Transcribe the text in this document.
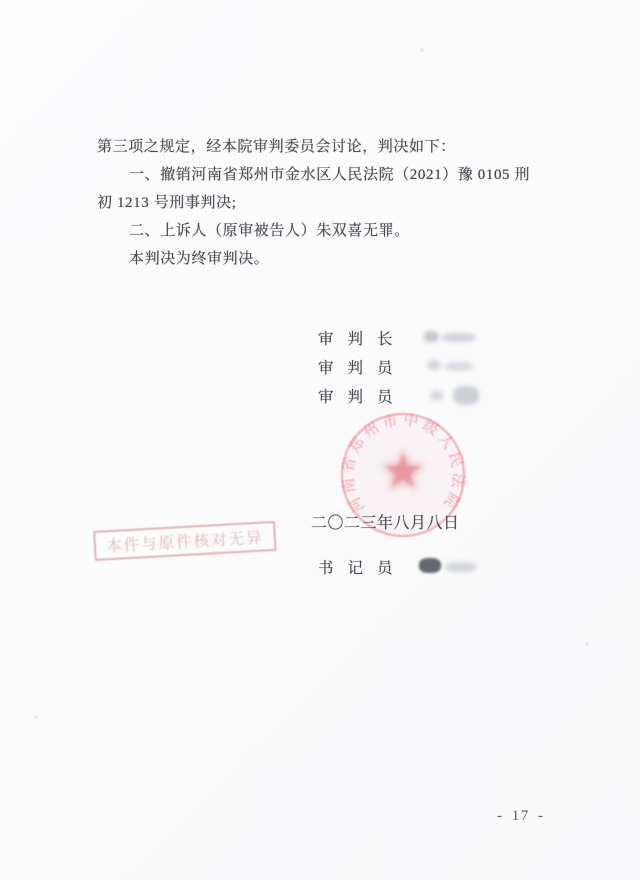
第三项之规定，经本院审判委员会讨论，判决如下：
一、撤销河南省郑州市金水区人民法院（2021）豫 0105 刑
初 1213 号刑事判决;
二、上诉人（原审被告人）朱双喜无罪。
本判决为终审判决。
审判长
审判员
审判员
河南省郑州市中级人民法院
二〇二三年八月八日
书记员
本件与原件核对无异
- 17 -
